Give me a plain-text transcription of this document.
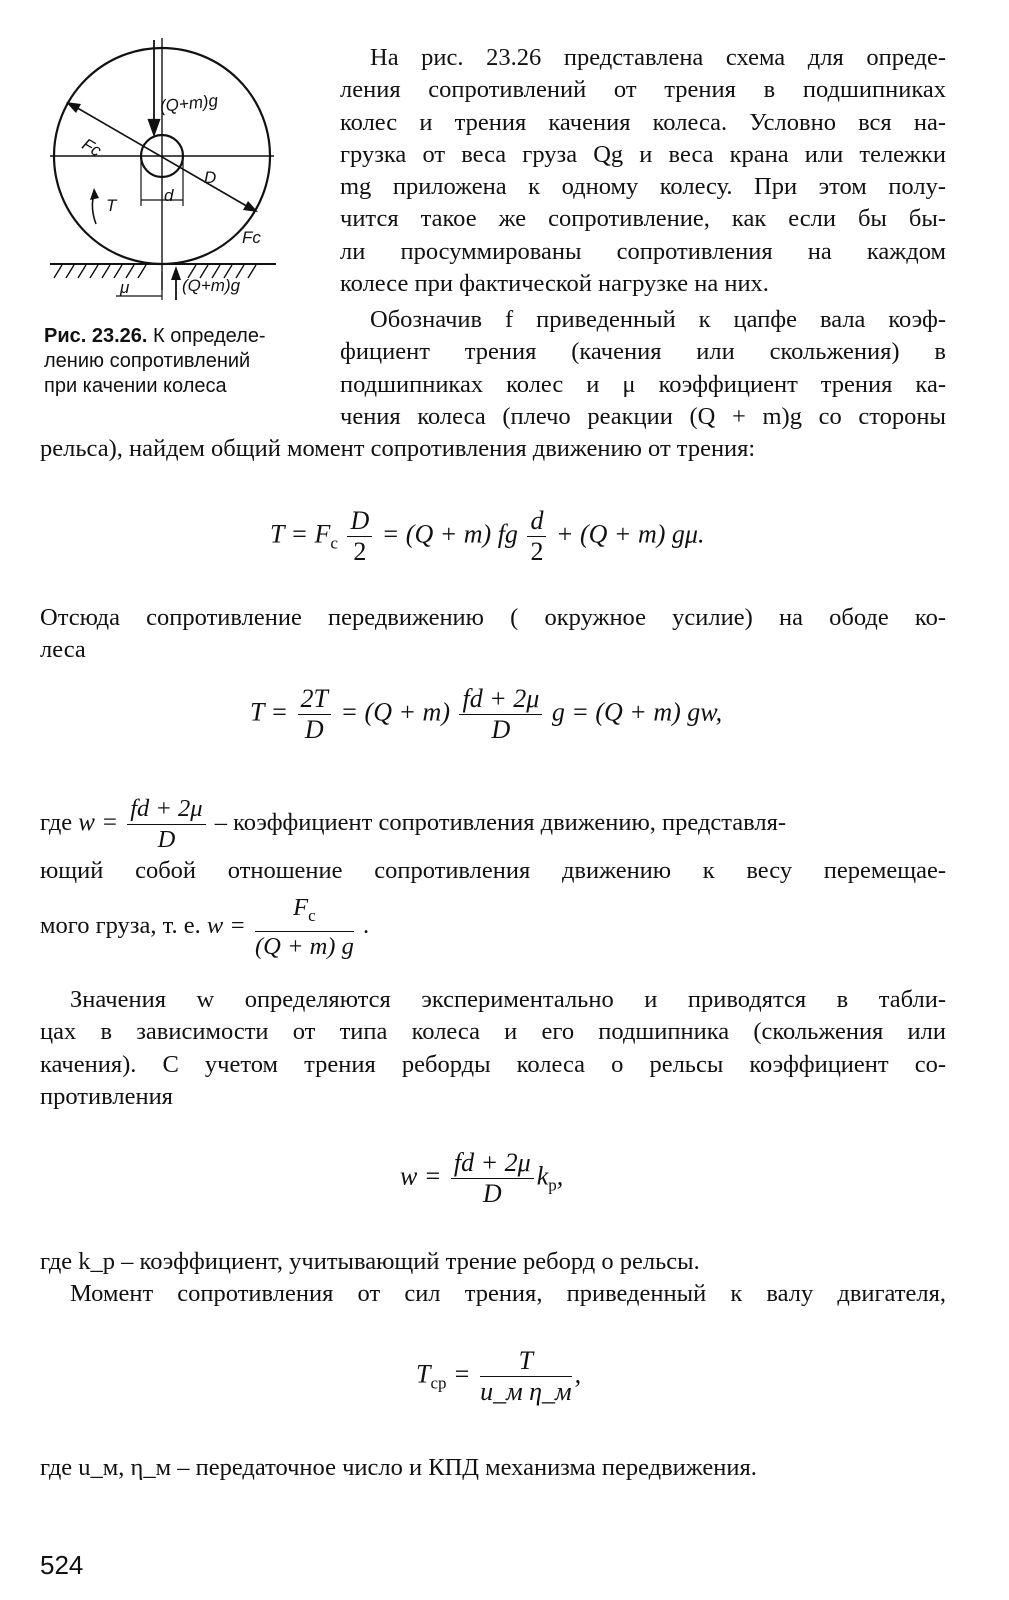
(Q+m)g
Fc
D
d
T
Fc
μ	(Q+m)g
Рис. 23.26. К определе-
лению сопротивлений
при качении колеса
На рис. 23.26 представлена схема для опреде-
ления сопротивлений от трения в подшипниках
колес и трения качения колеса. Условно вся на-
грузка от веса груза Qg и веса крана или тележки
mg приложена к одному колесу. При этом полу-
чится такое же сопротивление, как если бы бы-
ли просуммированы сопротивления на каждом
колесе при фактической нагрузке на них.
Обозначив f приведенный к цапфе вала коэф-
фициент трения (качения или скольжения) в
подшипниках колес и μ коэффициент трения ка-
чения колеса (плечо реакции (Q + m)g со стороны
рельса), найдем общий момент сопротивления движению от трения:
$T = F_c \frac{D}{2} = (Q + m)$ fg $\frac{d}{2} + (Q + m)$ gμ.
Отсюда сопротивление передвижению ( окружное усилие) на ободе ко-
леса
$T = \frac{2T}{D} = (Q + m) \frac{fd + 2\mu}{D}$ g = (Q + m) gw,
где $w = \frac{fd + 2\mu}{D}$ – коэффициент сопротивления движению, представля-
ющий собой отношение сопротивления движению к весу перемещае-
мого груза, т. е. $w = \frac{F_c}{(Q + m) g}$ .
Значения w определяются экспериментально и приводятся в табли-
цах в зависимости от типа колеса и его подшипника (скольжения или
качения). С учетом трения реборды колеса о рельсы коэффициент со-
противления
$w = \frac{fd + 2\mu}{D} k_р$,
где k_р – коэффициент, учитывающий трение реборд о рельсы.
Момент сопротивления от сил трения, приведенный к валу двигателя,
$T_{ср} = \frac{T}{\text{u\_м η\_м}}$ ,
где u_м, η_м – передаточное число и КПД механизма передвижения.
524
